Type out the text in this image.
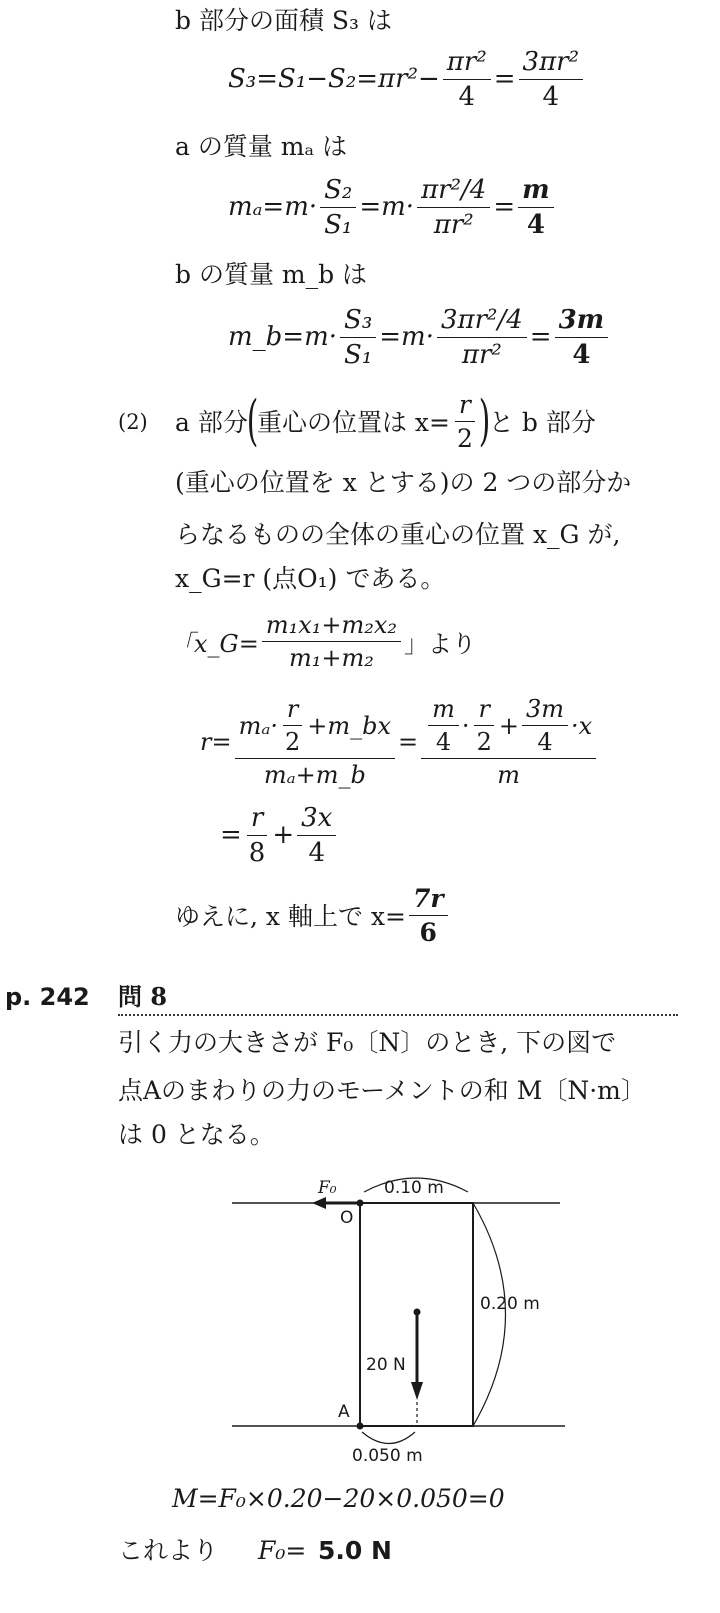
b 部分の面積 S₃ は
$S_3=S_1-S_2=\pi r^2- \frac{\text{πr²}}{4} = \frac{\text{3πr²}}{4}$
a の質量 mₐ は
$m_a=m\cdot \frac{\text{S₂}}{\text{S₁}} =m\cdot \frac{\text{πr²/4}}{\text{πr²}} = \frac{m}{4}$
b の質量 m_b は
m_b=m· $\frac{\text{S₃}}{\text{S₁}} =m\cdot \frac{\text{3πr²/4}}{\text{πr²}} = \frac{3m}{4}$
(2) a 部分
(
重心の位置は $x= \frac{r}{2}$ )
と b 部分
(重心の位置を x とする)の 2 つの部分か
らなるものの全体の重心の位置 x_G が,
x_G=r (点O₁) である。
「x_G= $\frac{\text{m₁x₁+m₂x₂}}{\text{m₁+m₂}}$ 」より
$r= \frac{m_a\cdot \frac{r}{2} +m\_bx}{\text{mₐ+m\_b}} = \frac{\frac{m}{4} \cdot \frac{r}{2} + \frac{3m}{4} \cdot x}{m}$
= $\frac{r}{8} + \frac{3x}{4}$
ゆえに, x 軸上で $x= \frac{7r}{6}$
p. 242 問 8
引く力の大きさが F₀〔N〕のとき, 下の図で
点Aのまわりの力のモーメントの和 M〔N·m〕
は 0 となる。
F₀
O
0.10 m
0.20 m
20 N
A
0.050 m
M=F₀×0.20−20×0.050=0
これより F₀= 5.0 N
